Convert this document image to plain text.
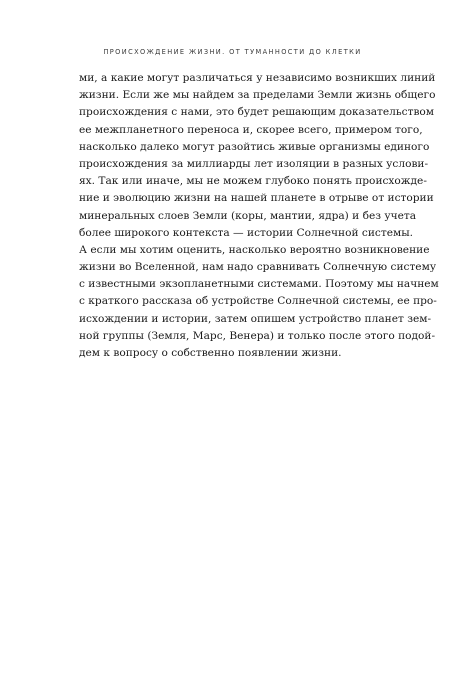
ПРОИСХОЖДЕНИЕ ЖИЗНИ. ОТ ТУМАННОСТИ ДО КЛЕТКИ
ми, а какие могут различаться у независимо возникших линий
жизни. Если же мы найдем за пределами Земли жизнь общего
происхождения с нами, это будет решающим доказательством
ее межпланетного переноса и, скорее всего, примером того,
насколько далеко могут разойтись живые организмы единого
происхождения за миллиарды лет изоляции в разных услови-
ях. Так или иначе, мы не можем глубоко понять происхожде-
ние и эволюцию жизни на нашей планете в отрыве от истории
минеральных слоев Земли (коры, мантии, ядра) и без учета
более широкого контекста — истории Солнечной системы.
А если мы хотим оценить, насколько вероятно возникновение
жизни во Вселенной, нам надо сравнивать Солнечную систему
с известными экзопланетными системами. Поэтому мы начнем
с краткого рассказа об устройстве Солнечной системы, ее про-
исхождении и истории, затем опишем устройство планет зем-
ной группы (Земля, Марс, Венера) и только после этого подой-
дем к вопросу о собственно появлении жизни.
